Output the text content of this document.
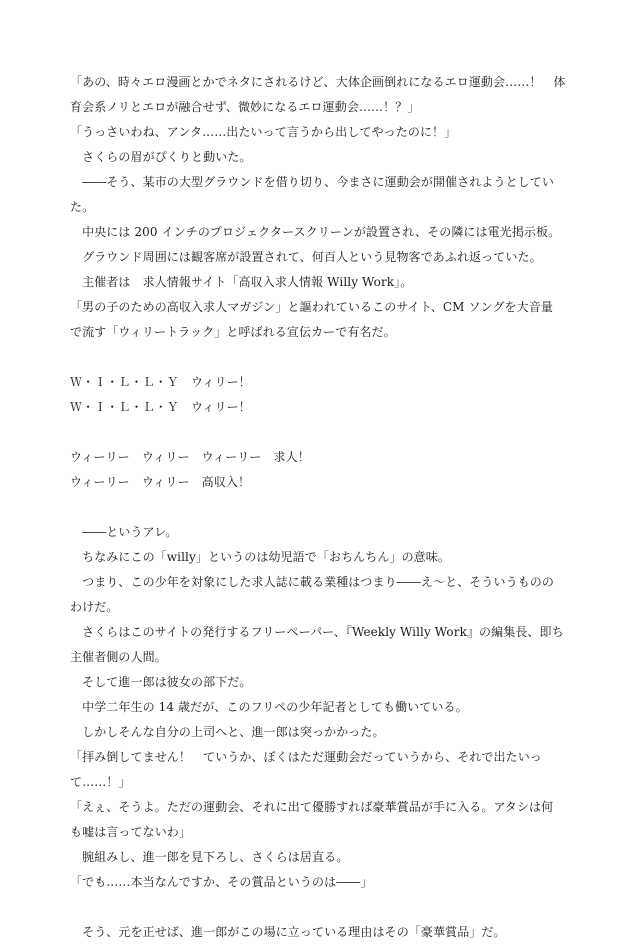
「あの、時々エロ漫画とかでネタにされるけど、大体企画倒れになるエロ運動会……！　体
育会系ノリとエロが融合せず、微妙になるエロ運動会……！？」
「うっさいわね、アンタ……出たいって言うから出してやったのに！」
　さくらの眉がぴくりと動いた。
　――そう、某市の大型グラウンドを借り切り、今まさに運動会が開催されようとしてい
た。
　中央には 200 インチのプロジェクタースクリーンが設置され、その隣には電光掲示板。
　グラウンド周囲には観客席が設置されて、何百人という見物客であふれ返っていた。
　主催者は　求人情報サイト「高収入求人情報 Willy Work」。
「男の子のための高収入求人マガジン」と謳われているこのサイト、CM ソングを大音量
で流す「ウィリートラック」と呼ばれる宣伝カーで有名だ。
Ｗ・Ｉ・Ｌ・Ｌ・Ｙ　ウィリー！
Ｗ・Ｉ・Ｌ・Ｌ・Ｙ　ウィリー！
ウィーリー　ウィリー　ウィーリー　求人！
ウィーリー　ウィリー　高収入！
　――というアレ。
　ちなみにこの「willy」というのは幼児語で「おちんちん」の意味。
　つまり、この少年を対象にした求人誌に載る業種はつまり――え～と、そういうものの
わけだ。
　さくらはこのサイトの発行するフリーペーパー、『Weekly Willy Work』の編集長、即ち
主催者側の人間。
　そして進一郎は彼女の部下だ。
　中学二年生の 14 歳だが、このフリペの少年記者としても働いている。
　しかしそんな自分の上司へと、進一郎は突っかかった。
「拝み倒してません！　ていうか、ぼくはただ運動会だっていうから、それで出たいっ
て……！」
「えぇ、そうよ。ただの運動会、それに出て優勝すれば豪華賞品が手に入る。アタシは何
も嘘は言ってないわ」
　腕組みし、進一郎を見下ろし、さくらは居直る。
「でも……本当なんですか、その賞品というのは――」
　そう、元を正せば、進一郎がこの場に立っている理由はその「豪華賞品」だ。
